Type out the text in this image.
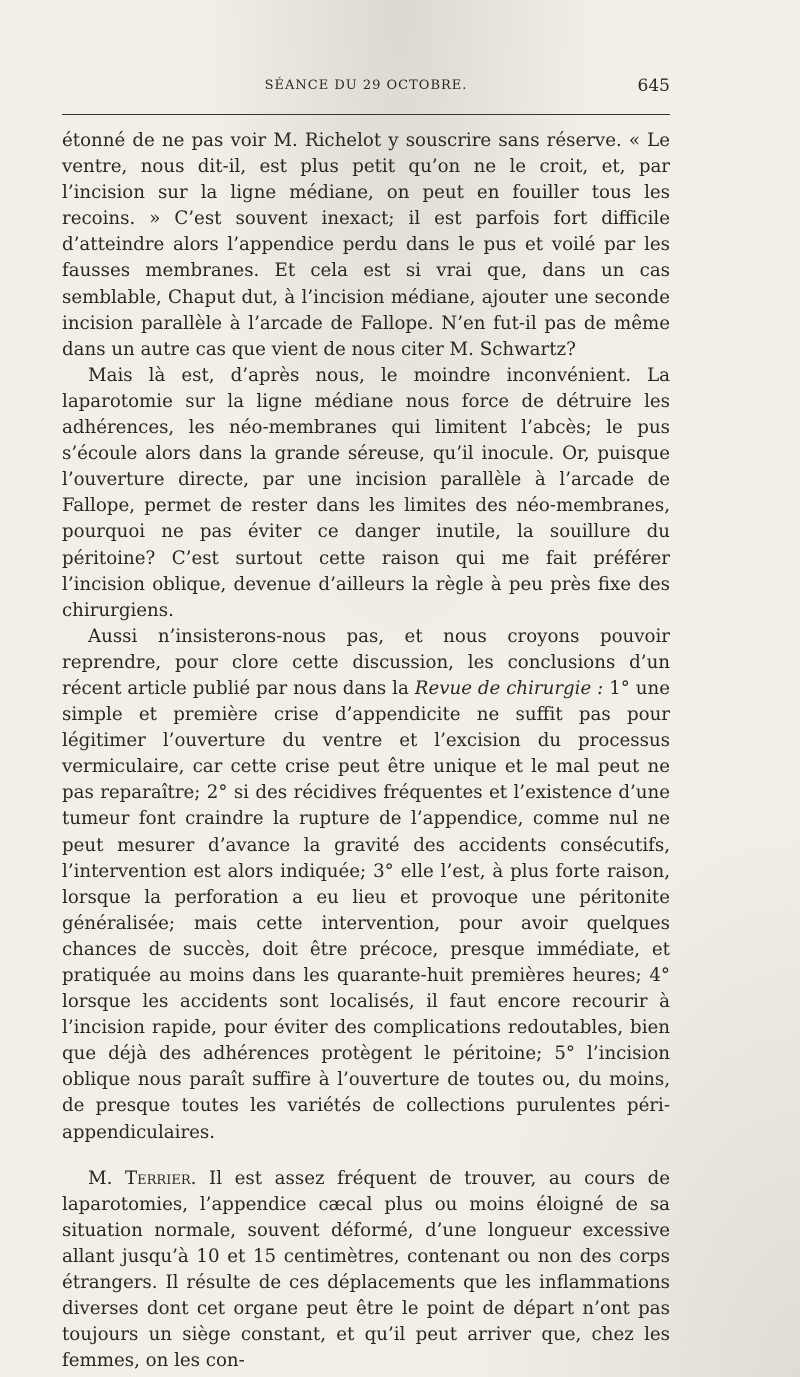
SÉANCE DU 29 OCTOBRE.	645

étonné de ne pas voir M. Richelot y souscrire sans réserve. « Le ventre, nous dit-il, est plus petit qu’on ne le croit, et, par l’incision sur la ligne médiane, on peut en fouiller tous les recoins. » C’est souvent inexact; il est parfois fort difficile d’atteindre alors l’appendice perdu dans le pus et voilé par les fausses membranes. Et cela est si vrai que, dans un cas semblable, Chaput dut, à l’incision médiane, ajouter une seconde incision parallèle à l’arcade de Fallope. N’en fut-il pas de même dans un autre cas que vient de nous citer M. Schwartz?

Mais là est, d’après nous, le moindre inconvénient. La laparotomie sur la ligne médiane nous force de détruire les adhérences, les néo-membranes qui limitent l’abcès; le pus s’écoule alors dans la grande séreuse, qu’il inocule. Or, puisque l’ouverture directe, par une incision parallèle à l’arcade de Fallope, permet de rester dans les limites des néo-membranes, pourquoi ne pas éviter ce danger inutile, la souillure du péritoine? C’est surtout cette raison qui me fait préférer l’incision oblique, devenue d’ailleurs la règle à peu près fixe des chirurgiens.

Aussi n’insisterons-nous pas, et nous croyons pouvoir reprendre, pour clore cette discussion, les conclusions d’un récent article publié par nous dans la Revue de chirurgie : 1° une simple et première crise d’appendicite ne suffit pas pour légitimer l’ouverture du ventre et l’excision du processus vermiculaire, car cette crise peut être unique et le mal peut ne pas reparaître; 2° si des récidives fréquentes et l’existence d’une tumeur font craindre la rupture de l’appendice, comme nul ne peut mesurer d’avance la gravité des accidents consécutifs, l’intervention est alors indiquée; 3° elle l’est, à plus forte raison, lorsque la perforation a eu lieu et provoque une péritonite généralisée; mais cette intervention, pour avoir quelques chances de succès, doit être précoce, presque immédiate, et pratiquée au moins dans les quarante-huit premières heures; 4° lorsque les accidents sont localisés, il faut encore recourir à l’incision rapide, pour éviter des complications redoutables, bien que déjà des adhérences protègent le péritoine; 5° l’incision oblique nous paraît suffire à l’ouverture de toutes ou, du moins, de presque toutes les variétés de collections purulentes péri-appendiculaires.

M. Terrier. Il est assez fréquent de trouver, au cours de laparotomies, l’appendice cæcal plus ou moins éloigné de sa situation normale, souvent déformé, d’une longueur excessive allant jusqu’à 10 et 15 centimètres, contenant ou non des corps étrangers. Il résulte de ces déplacements que les inflammations diverses dont cet organe peut être le point de départ n’ont pas toujours un siège constant, et qu’il peut arriver que, chez les femmes, on les con-
